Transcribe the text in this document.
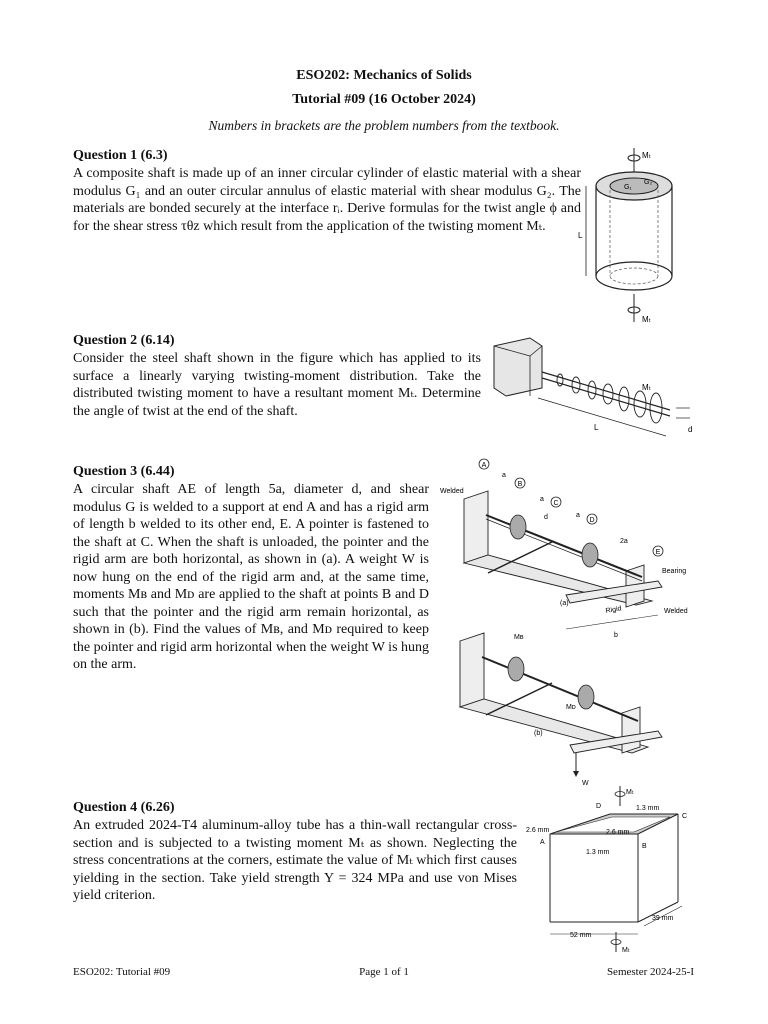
ESO202: Mechanics of Solids
Tutorial #09 (16 October 2024)
Numbers in brackets are the problem numbers from the textbook.
Question 1 (6.3)
A composite shaft is made up of an inner circular cylinder of elastic material with a shear modulus G₁ and an outer circular annulus of elastic material with shear modulus G₂. The materials are bonded securely at the interface rᵢ. Derive formulas for the twist angle ϕ and for the shear stress τθz which result from the application of the twisting moment Mₜ.
Mₜ
G₁
G₂
L
Mₜ
Question 2 (6.14)
Consider the steel shaft shown in the figure which has applied to its surface a linearly varying twisting-moment distribution. Take the distributed twisting moment to have a resultant moment Mₜ. Determine the angle of twist at the end of the shaft.
Mₜ
L	d
Question 3 (6.44)
A circular shaft AE of length 5a, diameter d, and shear modulus G is welded to a support at end A and has a rigid arm of length b welded to its other end, E. A pointer is fastened to the shaft at C. When the shaft is unloaded, the pointer and the rigid arm are both horizontal, as shown in (a). A weight W is now hung on the end of the rigid arm and, at the same time, moments Mʙ and Mᴅ are applied to the shaft at points B and D such that the pointer and the rigid arm remain horizontal, as shown in (b). Find the values of Mʙ, and Mᴅ required to keep the pointer and rigid arm horizontal when the weight W is hung on the arm.
A
B
C
D
E
Welded
d
a
a
a
2a
Bearing
Rigid	Welded
(a)
b
Mʙ
Mᴅ
(b)
W
Question 4 (6.26)
An extruded 2024-T4 aluminum-alloy tube has a thin-wall rectangular cross-section and is subjected to a twisting moment Mₜ as shown. Neglecting the stress concentrations at the corners, estimate the value of Mₜ which first causes yielding in the section. Take yield strength Y = 324 MPa and use von Mises yield criterion.
Mₜ
D
C
A
B
1.3 mm
2.6 mm	2.6 mm
1.3 mm
52 mm
39 mm
Mₜ
ESO202: Tutorial #09	Page 1 of 1	Semester 2024-25-I
